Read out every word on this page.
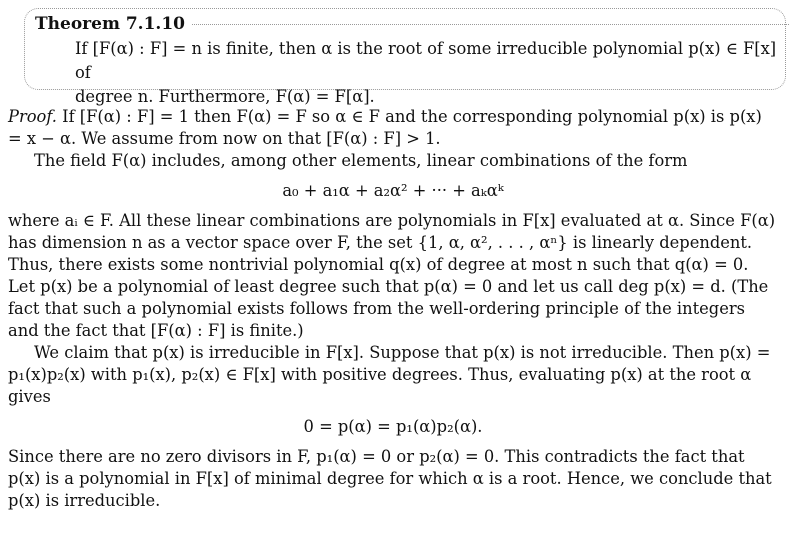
Theorem 7.1.10
If [F(α) : F] = n is finite, then α is the root of some irreducible polynomial p(x) ∈ F[x] of
degree n. Furthermore, F(α) = F[α].

Proof. If [F(α) : F] = 1 then F(α) = F so α ∈ F and the corresponding polynomial p(x) is p(x) = x − α. We assume from now on that [F(α) : F] > 1.

The field F(α) includes, among other elements, linear combinations of the form

a₀ + a₁α + a₂α² + ··· + aₖαᵏ

where aᵢ ∈ F. All these linear combinations are polynomials in F[x] evaluated at α. Since F(α) has dimension n as a vector space over F, the set {1, α, α², . . . , αⁿ} is linearly dependent. Thus, there exists some nontrivial polynomial q(x) of degree at most n such that q(α) = 0. Let p(x) be a polynomial of least degree such that p(α) = 0 and let us call deg p(x) = d. (The fact that such a polynomial exists follows from the well-ordering principle of the integers and the fact that [F(α) : F] is finite.)

We claim that p(x) is irreducible in F[x]. Suppose that p(x) is not irreducible. Then p(x) = p₁(x)p₂(x) with p₁(x), p₂(x) ∈ F[x] with positive degrees. Thus, evaluating p(x) at the root α gives

0 = p(α) = p₁(α)p₂(α).

Since there are no zero divisors in F, p₁(α) = 0 or p₂(α) = 0. This contradicts the fact that p(x) is a polynomial in F[x] of minimal degree for which α is a root. Hence, we conclude that p(x) is irreducible.
